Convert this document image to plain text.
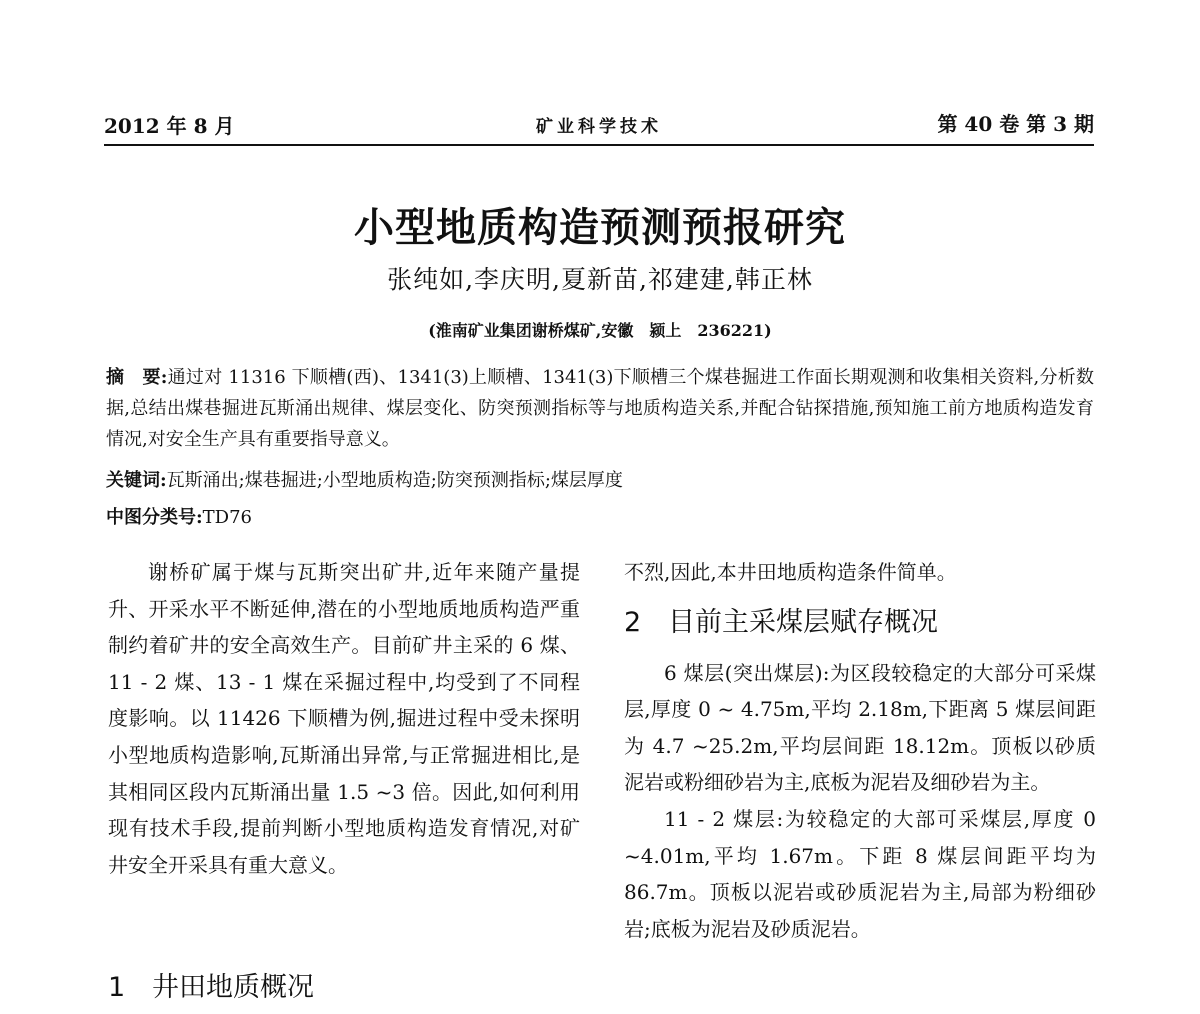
2012 年 8 月	矿业科学技术	第 40 卷 第 3 期
小型地质构造预测预报研究
张纯如,李庆明,夏新苗,祁建建,韩正林
(淮南矿业集团谢桥煤矿,安徽　颍上　236221)
摘　要:通过对 11316 下顺槽(西)、1341(3)上顺槽、1341(3)下顺槽三个煤巷掘进工作面长期观测和收集相关资料,分析数据,总结出煤巷掘进瓦斯涌出规律、煤层变化、防突预测指标等与地质构造关系,并配合钻探措施,预知施工前方地质构造发育情况,对安全生产具有重要指导意义。
关键词:瓦斯涌出;煤巷掘进;小型地质构造;防突预测指标;煤层厚度
中图分类号:TD76

谢桥矿属于煤与瓦斯突出矿井,近年来随产量提升、开采水平不断延伸,潜在的小型地质地质构造严重制约着矿井的安全高效生产。目前矿井主采的 6 煤、11 - 2 煤、13 - 1 煤在采掘过程中,均受到了不同程度影响。以 11426 下顺槽为例,掘进过程中受未探明小型地质构造影响,瓦斯涌出异常,与正常掘进相比,是其相同区段内瓦斯涌出量 1.5 ~3 倍。因此,如何利用现有技术手段,提前判断小型地质构造发育情况,对矿井安全开采具有重大意义。

1 井田地质概况

不烈,因此,本井田地质构造条件简单。

2 目前主采煤层赋存概况

6 煤层(突出煤层):为区段较稳定的大部分可采煤层,厚度 0 ~ 4.75m,平均 2.18m,下距离 5 煤层间距为 4.7 ~25.2m,平均层间距 18.12m。顶板以砂质泥岩或粉细砂岩为主,底板为泥岩及细砂岩为主。

11 - 2 煤层:为较稳定的大部可采煤层,厚度 0 ~4.01m,平均 1.67m。下距 8 煤层间距平均为 86.7m。顶板以泥岩或砂质泥岩为主,局部为粉细砂岩;底板为泥岩及砂质泥岩。
